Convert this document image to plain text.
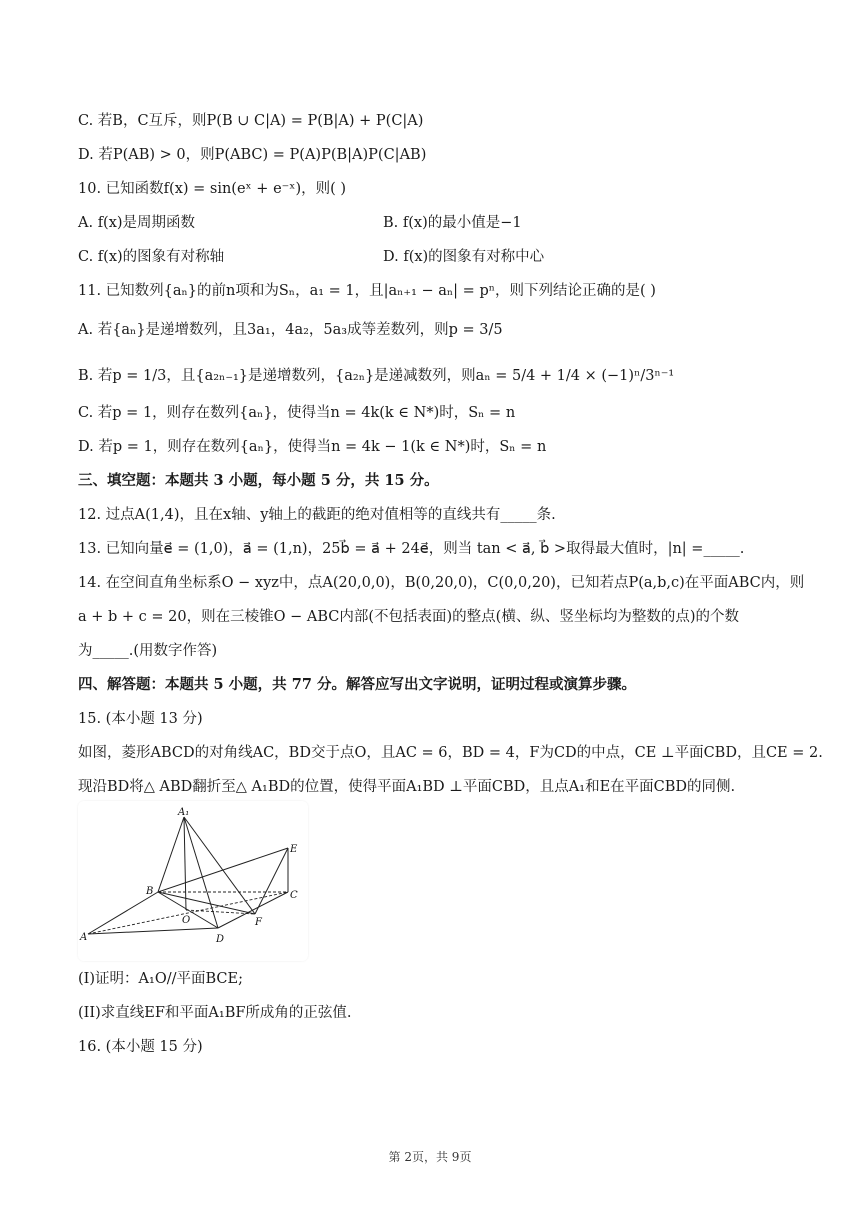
C. 若B，C互斥，则P(B ∪ C|A) = P(B|A) + P(C|A)
D. 若P(AB) > 0，则P(ABC) = P(A)P(B|A)P(C|AB)
10. 已知函数f(x) = sin(eˣ + e⁻ˣ)，则( )
A. f(x)是周期函数	B. f(x)的最小值是−1
C. f(x)的图象有对称轴	D. f(x)的图象有对称中心
11. 已知数列{aₙ}的前n项和为Sₙ，a₁ = 1，且|aₙ₊₁ − aₙ| = pⁿ，则下列结论正确的是( )
A. 若{aₙ}是递增数列，且3a₁，4a₂，5a₃成等差数列，则p = 3/5
B. 若p = 1/3，且{a₂ₙ₋₁}是递增数列，{a₂ₙ}是递减数列，则aₙ = 5/4 + 1/4 × (−1)ⁿ/3ⁿ⁻¹
C. 若p = 1，则存在数列{aₙ}，使得当n = 4k(k ∈ N*)时，Sₙ = n
D. 若p = 1，则存在数列{aₙ}，使得当n = 4k − 1(k ∈ N*)时，Sₙ = n
三、填空题：本题共 3 小题，每小题 5 分，共 15 分。
12. 过点A(1,4)，且在x轴、y轴上的截距的绝对值相等的直线共有_____条.
13. 已知向量e⃗ = (1,0)，a⃗ = (1,n)，25b⃗ = a⃗ + 24e⃗，则当 tan < a⃗, b⃗ >取得最大值时，|n| =_____.
14. 在空间直角坐标系O − xyz中，点A(20,0,0)，B(0,20,0)，C(0,0,20)，已知若点P(a,b,c)在平面ABC内，则
a + b + c = 20，则在三棱锥O − ABC内部(不包括表面)的整点(横、纵、竖坐标均为整数的点)的个数
为_____.(用数字作答)
四、解答题：本题共 5 小题，共 77 分。解答应写出文字说明，证明过程或演算步骤。
15. (本小题 13 分)
如图，菱形ABCD的对角线AC，BD交于点O，且AC = 6，BD = 4，F为CD的中点，CE ⊥平面CBD，且CE = 2.
现沿BD将△ ABD翻折至△ A₁BD的位置，使得平面A₁BD ⊥平面CBD，且点A₁和E在平面CBD的同侧.
A₁
B	C
D
E
F
O
A
(I)证明：A₁O//平面BCE;
(II)求直线EF和平面A₁BF所成角的正弦值.
16. (本小题 15 分)
第 2页，共 9页
